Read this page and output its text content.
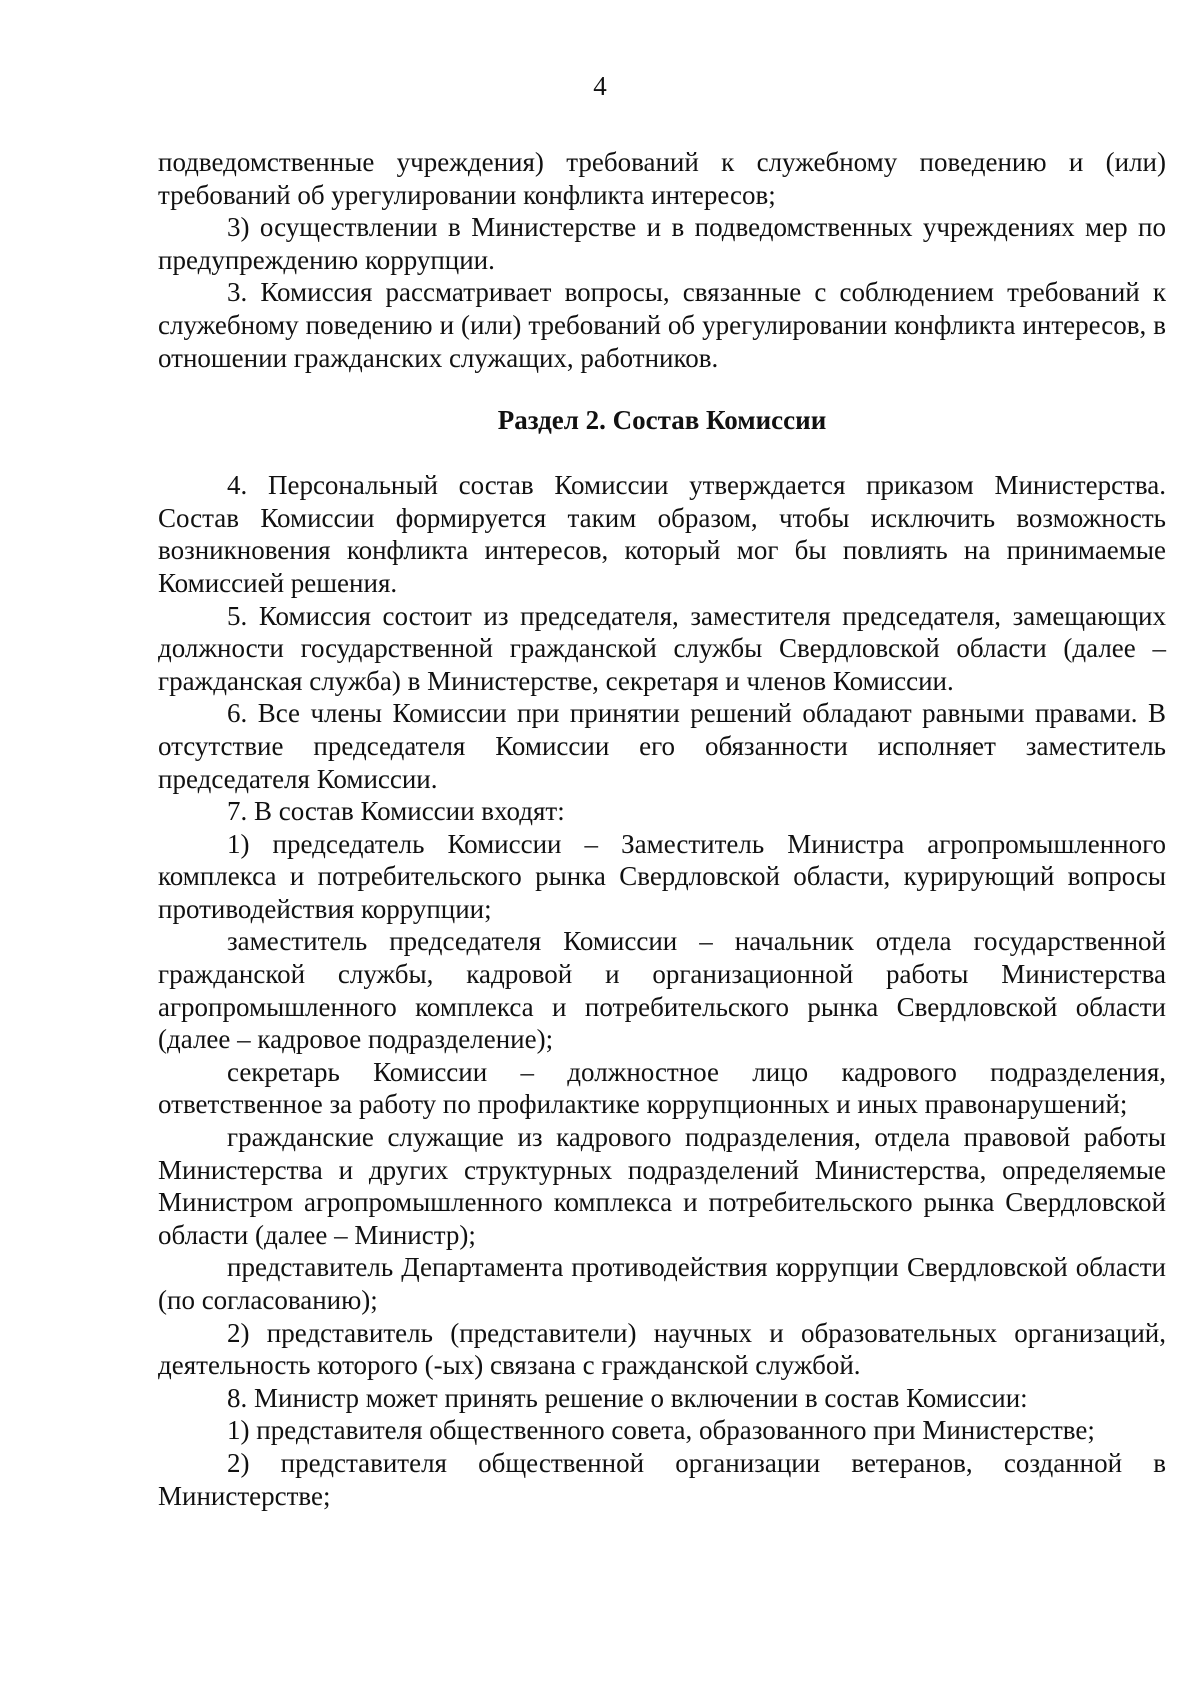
4

подведомственные учреждения) требований к служебному поведению и (или) требований об урегулировании конфликта интересов;

3) осуществлении в Министерстве и в подведомственных учреждениях мер по предупреждению коррупции.

3. Комиссия рассматривает вопросы, связанные с соблюдением требований к служебному поведению и (или) требований об урегулировании конфликта интересов, в отношении гражданских служащих, работников.

Раздел 2. Состав Комиссии

4. Персональный состав Комиссии утверждается приказом Министерства. Состав Комиссии формируется таким образом, чтобы исключить возможность возникновения конфликта интересов, который мог бы повлиять на принимаемые Комиссией решения.

5. Комиссия состоит из председателя, заместителя председателя, замещающих должности государственной гражданской службы Свердловской области (далее – гражданская служба) в Министерстве, секретаря и членов Комиссии.

6. Все члены Комиссии при принятии решений обладают равными правами. В отсутствие председателя Комиссии его обязанности исполняет заместитель председателя Комиссии.

7. В состав Комиссии входят:

1) председатель Комиссии – Заместитель Министра агропромышленного комплекса и потребительского рынка Свердловской области, курирующий вопросы противодействия коррупции;

заместитель председателя Комиссии – начальник отдела государственной гражданской службы, кадровой и организационной работы Министерства агропромышленного комплекса и потребительского рынка Свердловской области (далее – кадровое подразделение);

секретарь Комиссии – должностное лицо кадрового подразделения, ответственное за работу по профилактике коррупционных и иных правонарушений;

гражданские служащие из кадрового подразделения, отдела правовой работы Министерства и других структурных подразделений Министерства, определяемые Министром агропромышленного комплекса и потребительского рынка Свердловской области (далее – Министр);

представитель Департамента противодействия коррупции Свердловской области (по согласованию);

2) представитель (представители) научных и образовательных организаций, деятельность которого (-ых) связана с гражданской службой.

8. Министр может принять решение о включении в состав Комиссии:

1) представителя общественного совета, образованного при Министерстве;

2) представителя общественной организации ветеранов, созданной в Министерстве;
